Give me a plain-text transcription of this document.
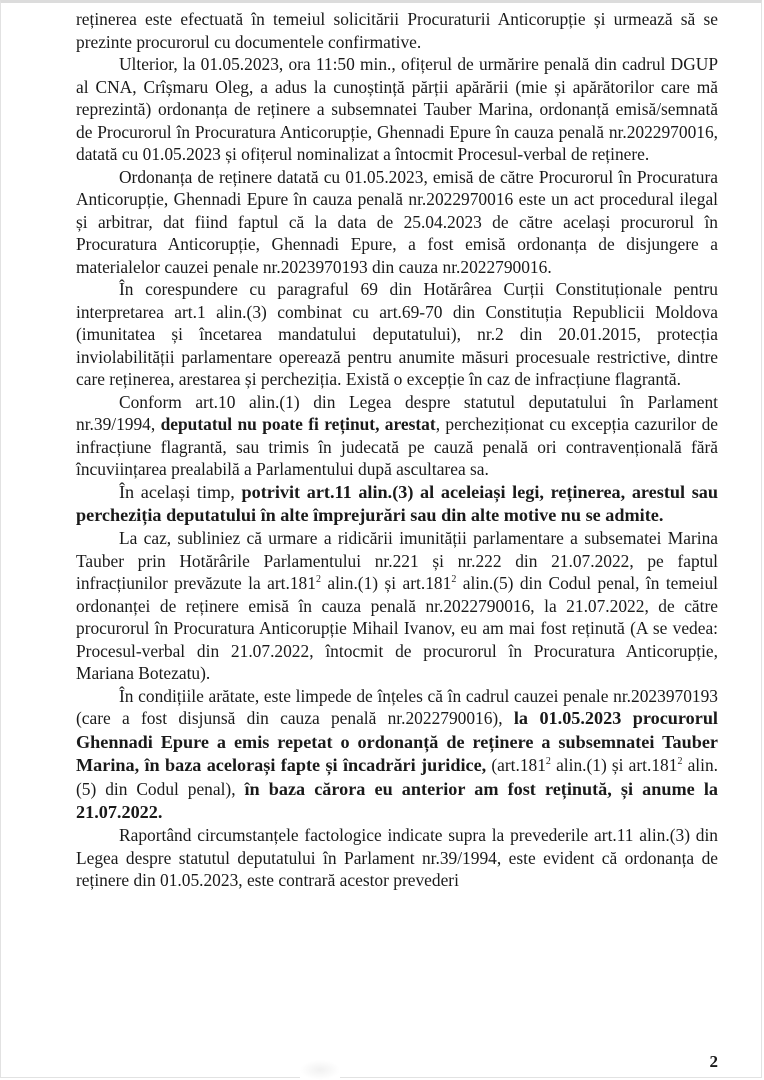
reținerea este efectuată în temeiul solicitării Procuraturii Anticorupție și urmează să se prezinte procurorul cu documentele confirmative.

Ulterior, la 01.05.2023, ora 11:50 min., ofițerul de urmărire penală din cadrul DGUP al CNA, Crîșmaru Oleg, a adus la cunoștință părții apărării (mie și apărătorilor care mă reprezintă) ordonanța de reținere a subsemnatei Tauber Marina, ordonanță emisă/semnată de Procurorul în Procuratura Anticorupție, Ghennadi Epure în cauza penală nr.2022970016, datată cu 01.05.2023 și ofițerul nominalizat a întocmit Procesul-verbal de reținere.

Ordonanța de reținere datată cu 01.05.2023, emisă de către Procurorul în Procuratura Anticorupție, Ghennadi Epure în cauza penală nr.2022970016 este un act procedural ilegal și arbitrar, dat fiind faptul că la data de 25.04.2023 de către același procurorul în Procuratura Anticorupție, Ghennadi Epure, a fost emisă ordonanța de disjungere a materialelor cauzei penale nr.2023970193 din cauza nr.2022790016.

În corespundere cu paragraful 69 din Hotărârea Curții Constituționale pentru interpretarea art.1 alin.(3) combinat cu art.69-70 din Constituția Republicii Moldova (imunitatea și încetarea mandatului deputatului), nr.2 din 20.01.2015, protecția inviolabilității parlamentare operează pentru anumite măsuri procesuale restrictive, dintre care reținerea, arestarea și percheziția. Există o excepție în caz de infracțiune flagrantă.

Conform art.10 alin.(1) din Legea despre statutul deputatului în Parlament nr.39/1994, deputatul nu poate fi reținut, arestat, percheziționat cu excepția cazurilor de infracțiune flagrantă, sau trimis în judecată pe cauză penală ori contravențională fără încuviințarea prealabilă a Parlamentului după ascultarea sa.

În același timp, potrivit art.11 alin.(3) al aceleiași legi, reținerea, arestul sau percheziția deputatului în alte împrejurări sau din alte motive nu se admite.

La caz, subliniez că urmare a ridicării imunității parlamentare a subsematei Marina Tauber prin Hotărârile Parlamentului nr.221 și nr.222 din 21.07.2022, pe faptul infracțiunilor prevăzute la art.181$^2$ alin.(1) și art.181$^2$ alin.(5) din Codul penal, în temeiul ordonanței de reținere emisă în cauza penală nr.2022790016, la 21.07.2022, de către procurorul în Procuratura Anticorupție Mihail Ivanov, eu am mai fost reținută (A se vedea: Procesul-verbal din 21.07.2022, întocmit de procurorul în Procuratura Anticorupție, Mariana Botezatu).

În condițiile arătate, este limpede de înțeles că în cadrul cauzei penale nr.2023970193 (care a fost disjunsă din cauza penală nr.2022790016), la 01.05.2023 procurorul Ghennadi Epure a emis repetat o ordonanță de reținere a subsemnatei Tauber Marina, în baza acelorași fapte și încadrări juridice, (art.181$^2$ alin.(1) și art.181$^2$ alin.(5) din Codul penal), în baza cărora eu anterior am fost reținută, și anume la 21.07.2022.

Raportând circumstanțele factologice indicate supra la prevederile art.11 alin.(3) din Legea despre statutul deputatului în Parlament nr.39/1994, este evident că ordonanța de reținere din 01.05.2023, este contrară acestor prevederi

2
